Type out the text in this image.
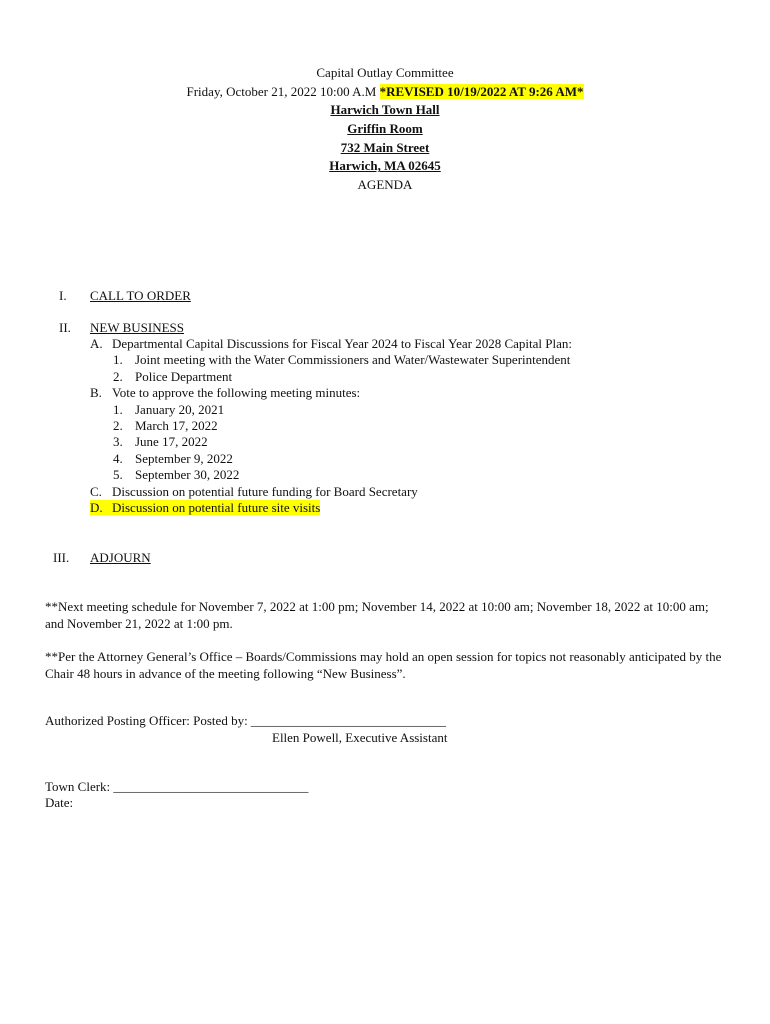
Capital Outlay Committee
Friday, October 21, 2022 10:00 A.M *REVISED 10/19/2022 AT 9:26 AM*
Harwich Town Hall
Griffin Room
732 Main Street
Harwich, MA 02645
AGENDA
I. CALL TO ORDER
II. NEW BUSINESS
A. Departmental Capital Discussions for Fiscal Year 2024 to Fiscal Year 2028 Capital Plan:
1. Joint meeting with the Water Commissioners and Water/Wastewater Superintendent
2. Police Department
B. Vote to approve the following meeting minutes:
1. January 20, 2021
2. March 17, 2022
3. June 17, 2022
4. September 9, 2022
5. September 30, 2022
C. Discussion on potential future funding for Board Secretary
D. Discussion on potential future site visits
III. ADJOURN

**Next meeting schedule for November 7, 2022 at 1:00 pm; November 14, 2022 at 10:00 am; November 18, 2022 at 10:00 am; and November 21, 2022 at 1:00 pm.

**Per the Attorney General’s Office – Boards/Commissions may hold an open session for topics not reasonably anticipated by the Chair 48 hours in advance of the meeting following “New Business”.

Authorized Posting Officer: Posted by: ______________________________
Ellen Powell, Executive Assistant
Town Clerk: ______________________________
Date:
